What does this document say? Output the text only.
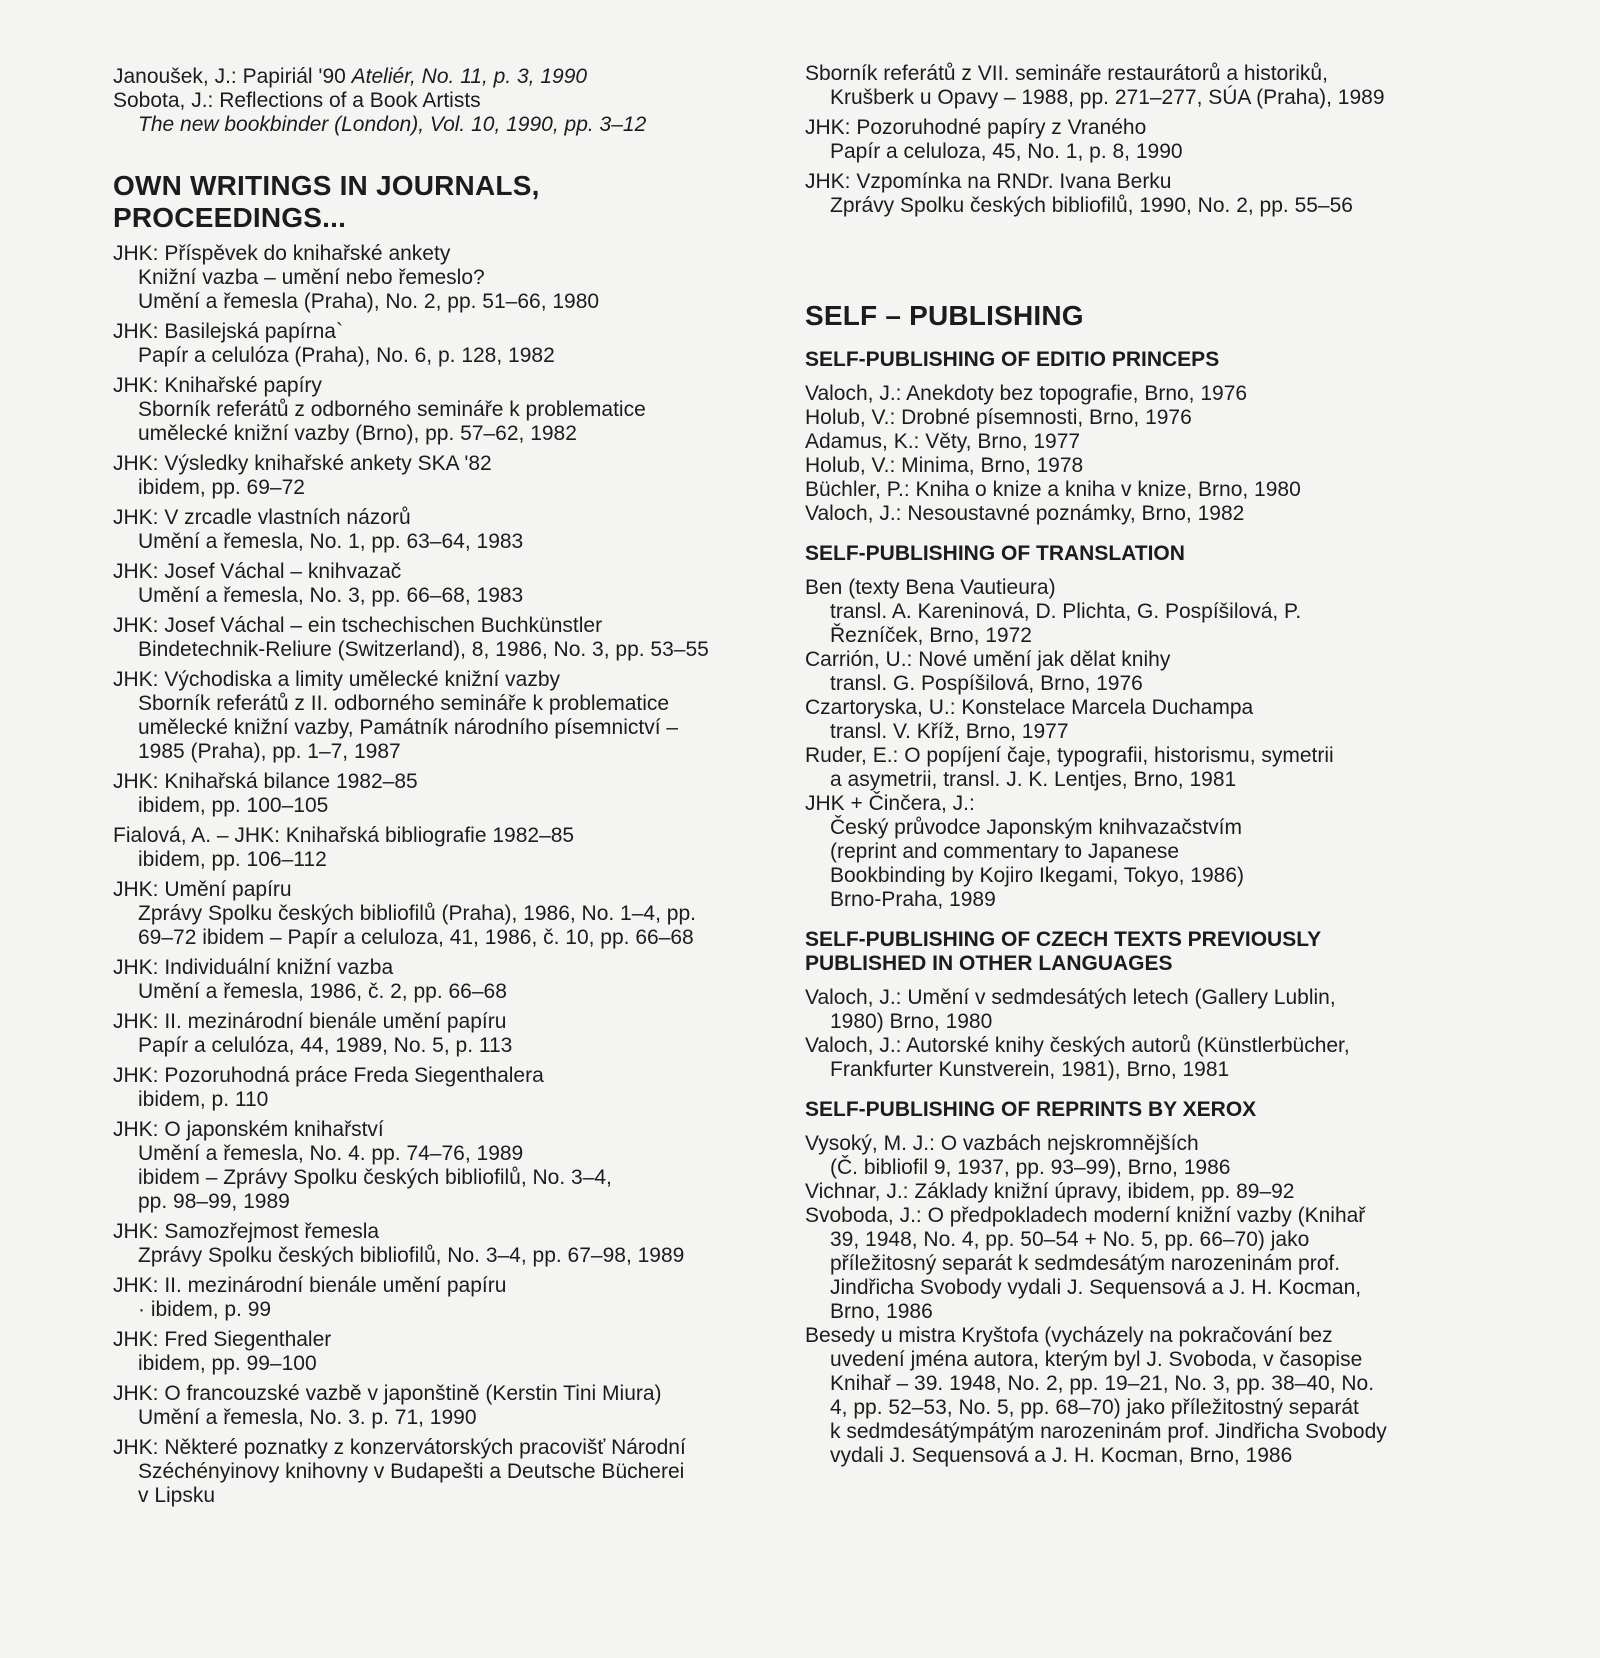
Janoušek, J.: Papiriál '90 Ateliér, No. 11, p. 3, 1990
Sobota, J.: Reflections of a Book Artists
The new bookbinder (London), Vol. 10, 1990, pp. 3–12
OWN WRITINGS IN JOURNALS,
PROCEEDINGS...
JHK: Příspěvek do knihařské ankety
Knižní vazba – umění nebo řemeslo?
Umění a řemesla (Praha), No. 2, pp. 51–66, 1980
JHK: Basilejská papírna`
Papír a celulóza (Praha), No. 6, p. 128, 1982
JHK: Knihařské papíry
Sborník referátů z odborného semináře k problematice
umělecké knižní vazby (Brno), pp. 57–62, 1982
JHK: Výsledky knihařské ankety SKA '82
ibidem, pp. 69–72
JHK: V zrcadle vlastních názorů
Umění a řemesla, No. 1, pp. 63–64, 1983
JHK: Josef Váchal – knihvazač
Umění a řemesla, No. 3, pp. 66–68, 1983
JHK: Josef Váchal – ein tschechischen Buchkünstler
Bindetechnik-Reliure (Switzerland), 8, 1986, No. 3, pp. 53–55
JHK: Východiska a limity umělecké knižní vazby
Sborník referátů z II. odborného semináře k problematice
umělecké knižní vazby, Památník národního písemnictví –
1985 (Praha), pp. 1–7, 1987
JHK: Knihařská bilance 1982–85
ibidem, pp. 100–105
Fialová, A. – JHK: Knihařská bibliografie 1982–85
ibidem, pp. 106–112
JHK: Umění papíru
Zprávy Spolku českých bibliofilů (Praha), 1986, No. 1–4, pp.
69–72 ibidem – Papír a celuloza, 41, 1986, č. 10, pp. 66–68
JHK: Individuální knižní vazba
Umění a řemesla, 1986, č. 2, pp. 66–68
JHK: II. mezinárodní bienále umění papíru
Papír a celulóza, 44, 1989, No. 5, p. 113
JHK: Pozoruhodná práce Freda Siegenthalera
ibidem, p. 110
JHK: O japonském knihařství
Umění a řemesla, No. 4. pp. 74–76, 1989
ibidem – Zprávy Spolku českých bibliofilů, No. 3–4,
pp. 98–99, 1989
JHK: Samozřejmost řemesla
Zprávy Spolku českých bibliofilů, No. 3–4, pp. 67–98, 1989
JHK: II. mezinárodní bienále umění papíru
· ibidem, p. 99
JHK: Fred Siegenthaler
ibidem, pp. 99–100
JHK: O francouzské vazbě v japonštině (Kerstin Tini Miura)
Umění a řemesla, No. 3. p. 71, 1990
JHK: Některé poznatky z konzervátorských pracovišť Národní
Széchényinovy knihovny v Budapešti a Deutsche Bücherei
v Lipsku
Sborník referátů z VII. semináře restaurátorů a historiků,
Krušberk u Opavy – 1988, pp. 271–277, SÚA (Praha), 1989
JHK: Pozoruhodné papíry z Vraného
Papír a celuloza, 45, No. 1, p. 8, 1990
JHK: Vzpomínka na RNDr. Ivana Berku
Zprávy Spolku českých bibliofilů, 1990, No. 2, pp. 55–56
SELF – PUBLISHING
SELF-PUBLISHING OF EDITIO PRINCEPS
Valoch, J.: Anekdoty bez topografie, Brno, 1976
Holub, V.: Drobné písemnosti, Brno, 1976
Adamus, K.: Věty, Brno, 1977
Holub, V.: Minima, Brno, 1978
Büchler, P.: Kniha o knize a kniha v knize, Brno, 1980
Valoch, J.: Nesoustavné poznámky, Brno, 1982
SELF-PUBLISHING OF TRANSLATION
Ben (texty Bena Vautieura)
transl. A. Kareninová, D. Plichta, G. Pospíšilová, P.
Řezníček, Brno, 1972
Carrión, U.: Nové umění jak dělat knihy
transl. G. Pospíšilová, Brno, 1976
Czartoryska, U.: Konstelace Marcela Duchampa
transl. V. Kříž, Brno, 1977
Ruder, E.: O popíjení čaje, typografii, historismu, symetrii
a asymetrii, transl. J. K. Lentjes, Brno, 1981
JHK + Činčera, J.:
Český průvodce Japonským knihvazačstvím
(reprint and commentary to Japanese
Bookbinding by Kojiro Ikegami, Tokyo, 1986)
Brno-Praha, 1989
SELF-PUBLISHING OF CZECH TEXTS PREVIOUSLY
PUBLISHED IN OTHER LANGUAGES
Valoch, J.: Umění v sedmdesátých letech (Gallery Lublin,
1980) Brno, 1980
Valoch, J.: Autorské knihy českých autorů (Künstlerbücher,
Frankfurter Kunstverein, 1981), Brno, 1981
SELF-PUBLISHING OF REPRINTS BY XEROX
Vysoký, M. J.: O vazbách nejskromnějších
(Č. bibliofil 9, 1937, pp. 93–99), Brno, 1986
Vichnar, J.: Základy knižní úpravy, ibidem, pp. 89–92
Svoboda, J.: O předpokladech moderní knižní vazby (Knihař
39, 1948, No. 4, pp. 50–54 + No. 5, pp. 66–70) jako
příležitosný separát k sedmdesátým narozeninám prof.
Jindřicha Svobody vydali J. Sequensová a J. H. Kocman,
Brno, 1986
Besedy u mistra Kryštofa (vycházely na pokračování bez
uvedení jména autora, kterým byl J. Svoboda, v časopise
Knihař – 39. 1948, No. 2, pp. 19–21, No. 3, pp. 38–40, No.
4, pp. 52–53, No. 5, pp. 68–70) jako příležitostný separát
k sedmdesátýmpátým narozeninám prof. Jindřicha Svobody
vydali J. Sequensová a J. H. Kocman, Brno, 1986
